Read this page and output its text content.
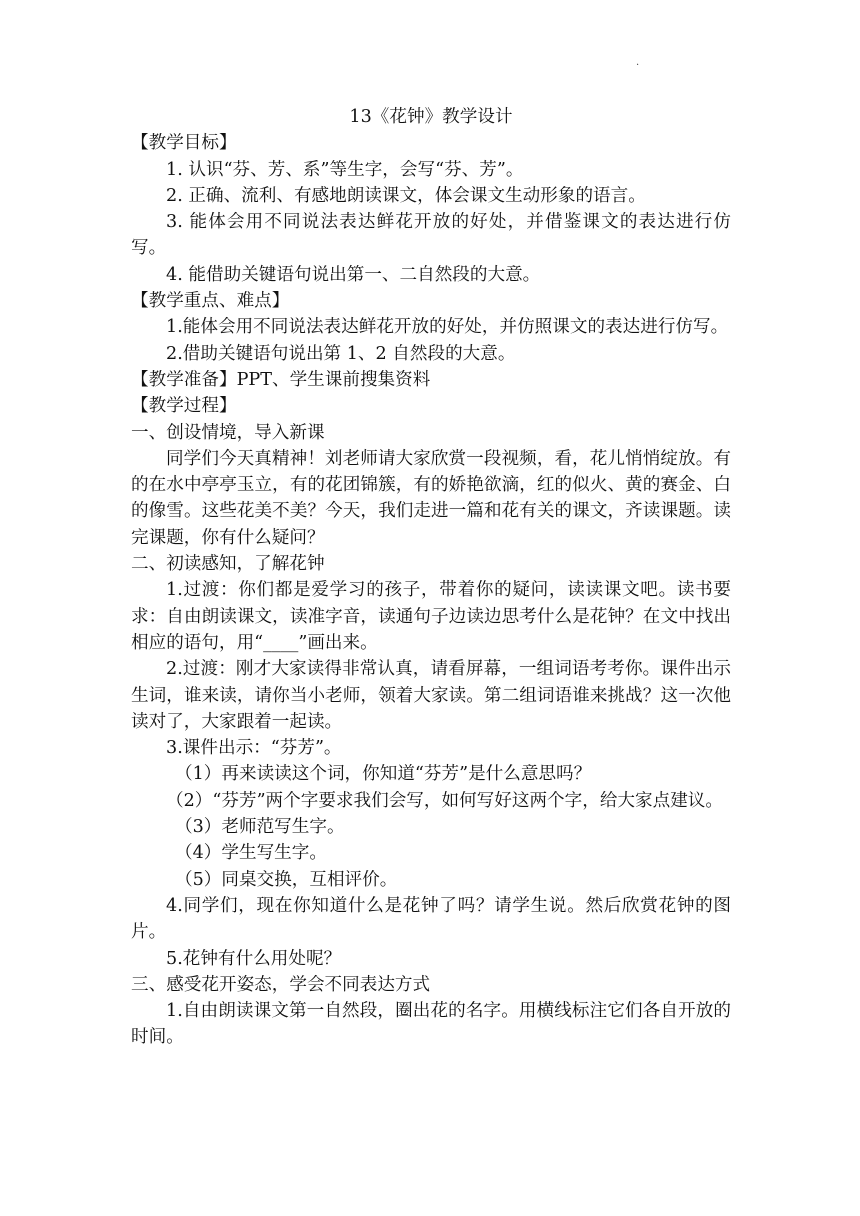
.

13《花钟》教学设计

【教学目标】

1. 认识“芬、芳、系”等生字，会写“芬、芳”。

2. 正确、流利、有感地朗读课文，体会课文生动形象的语言。

3. 能体会用不同说法表达鲜花开放的好处，并借鉴课文的表达进行仿写。

4. 能借助关键语句说出第一、二自然段的大意。

【教学重点、难点】

1.能体会用不同说法表达鲜花开放的好处，并仿照课文的表达进行仿写。

2.借助关键语句说出第 1、2 自然段的大意。

【教学准备】PPT、学生课前搜集资料

【教学过程】

一、创设情境，导入新课

同学们今天真精神！刘老师请大家欣赏一段视频，看，花儿悄悄绽放。有的在水中亭亭玉立，有的花团锦簇，有的娇艳欲滴，红的似火、黄的赛金、白的像雪。这些花美不美？今天，我们走进一篇和花有关的课文，齐读课题。读完课题，你有什么疑问？

二、初读感知，了解花钟

1.过渡：你们都是爱学习的孩子，带着你的疑问，读读课文吧。读书要求：自由朗读课文，读准字音，读通句子边读边思考什么是花钟？在文中找出相应的语句，用“____”画出来。

2.过渡：刚才大家读得非常认真，请看屏幕，一组词语考考你。课件出示生词，谁来读，请你当小老师，领着大家读。第二组词语谁来挑战？这一次他读对了，大家跟着一起读。

3.课件出示：“芬芳”。

（1）再来读读这个词，你知道“芬芳”是什么意思吗？

（2）“芬芳”两个字要求我们会写，如何写好这两个字，给大家点建议。

（3）老师范写生字。

（4）学生写生字。

（5）同桌交换，互相评价。

4.同学们，现在你知道什么是花钟了吗？请学生说。然后欣赏花钟的图片。

5.花钟有什么用处呢？

三、感受花开姿态，学会不同表达方式

1.自由朗读课文第一自然段，圈出花的名字。用横线标注它们各自开放的时间。
